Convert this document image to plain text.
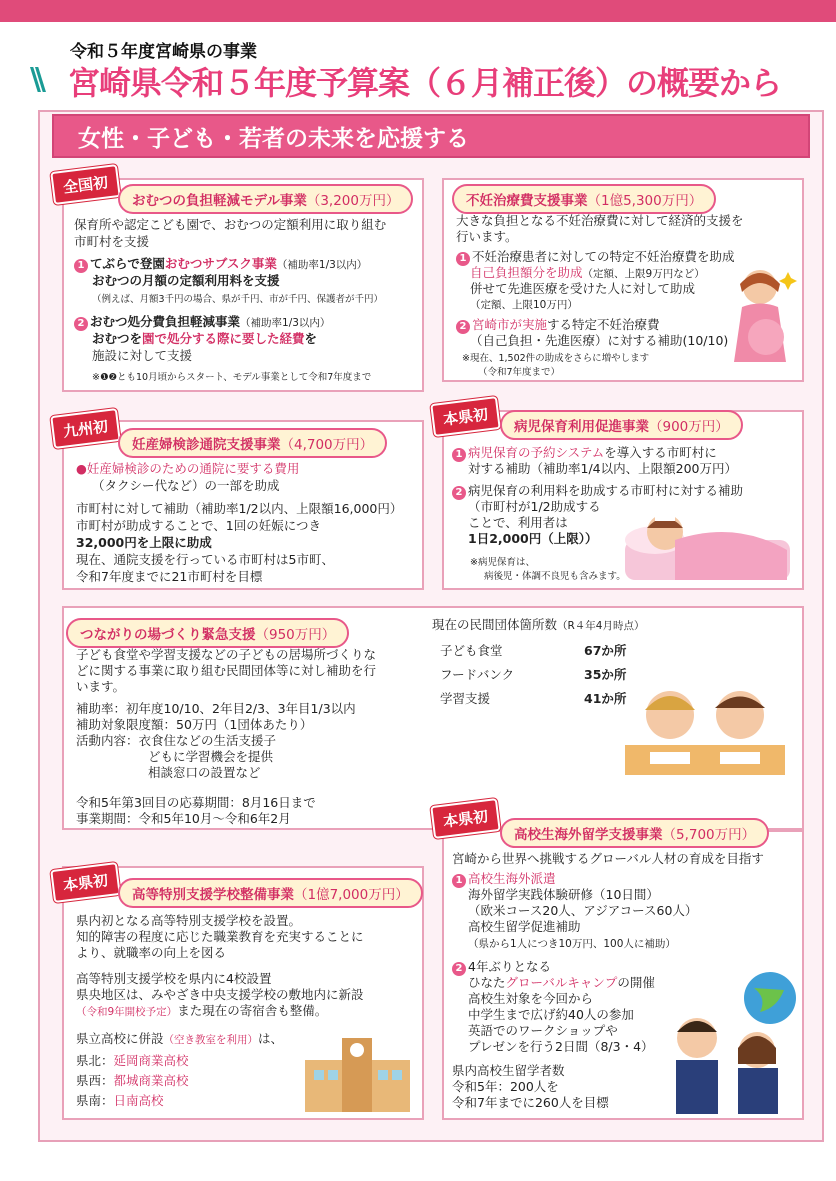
令和５年度宮崎県の事業
\\ 宮崎県令和５年度予算案（６月補正後）の概要から
女性・子ども・若者の未来を応援する
全国初
おむつの負担軽減モデル事業（3,200万円）
保育所や認定こども園で、おむつの定額利用に取り組む
市町村を支援
1 てぶらで登園おむつサブスク事業（補助率1/3以内）
おむつの月額の定額利用料を支援
（例えば、月額3千円の場合、県が千円、市が千円、保護者が千円）
2 おむつ処分費負担軽減事業（補助率1/3以内）
おむつを園で処分する際に要した経費を
施設に対して支援
※❶❷とも10月頃からスタート、モデル事業として令和7年度まで
不妊治療費支援事業（1億5,300万円）
大きな負担となる不妊治療費に対して経済的支援を
行います。
1 不妊治療患者に対しての特定不妊治療費を助成
自己負担額分を助成（定額、上限9万円など）
併せて先進医療を受けた人に対して助成
（定額、上限10万円）
2 宮崎市が実施する特定不妊治療費
（自己負担・先進医療）に対する補助(10/10)
※現在、1,502件の助成をさらに増やします
（令和7年度まで）
九州初
妊産婦検診通院支援事業（4,700万円）
●妊産婦検診のための通院に要する費用
（タクシー代など）の一部を助成
市町村に対して補助（補助率1/2以内、上限額16,000円）
市町村が助成することで、1回の妊娠につき
32,000円を上限に助成
現在、通院支援を行っている市町村は5市町、
令和7年度までに21市町村を目標
本県初	病児保育利用促進事業（900万円）
1 病児保育の予約システムを導入する市町村に
対する補助（補助率1/4以内、上限額200万円）
2 病児保育の利用料を助成する市町村に対する補助
（市町村が1/2助成する
ことで、利用者は
1日2,000円（上限））
※病児保育は、
病後児・体調不良児も含みます。
つながりの場づくり緊急支援（950万円）
子ども食堂や学習支援などの子どもの居場所づくりな
どに関する事業に取り組む民間団体等に対し補助を行
います。
補助率：初年度10/10、2年目2/3、3年目1/3以内
補助対象限度額：50万円（1団体あたり）
活動内容：衣食住などの生活支援子
どもに学習機会を提供
相談窓口の設置など
令和5年第3回目の応募期間：8月16日まで
事業期間：令和5年10月～令和6年2月
現在の民間団体箇所数（R４年4月時点）
子ども食堂	67か所
フードバンク	35か所
学習支援	41か所
本県初
高等特別支援学校整備事業（1億7,000万円）
県内初となる高等特別支援学校を設置。
知的障害の程度に応じた職業教育を充実することに
より、就職率の向上を図る
高等特別支援学校を県内に4校設置
県央地区は、みやざき中央支援学校の敷地内に新設
（令和9年開校予定）また現在の寄宿舎も整備。
県立高校に併設（空き教室を利用）は、
県北：延岡商業高校
県西：都城商業高校
県南：日南高校
本県初
高校生海外留学支援事業（5,700万円）
宮崎から世界へ挑戦するグローバル人材の育成を目指す
1 高校生海外派遣
海外留学実践体験研修（10日間）
（欧米コース20人、アジアコース60人）
高校生留学促進補助
（県から1人につき10万円、100人に補助）
2 4年ぶりとなる
ひなたグローバルキャンプの開催
高校生対象を今回から
中学生まで広げ約40人の参加
英語でのワークショップや
プレゼンを行う2日間（8/3・4）
県内高校生留学者数
令和5年：200人を
令和7年までに260人を目標
